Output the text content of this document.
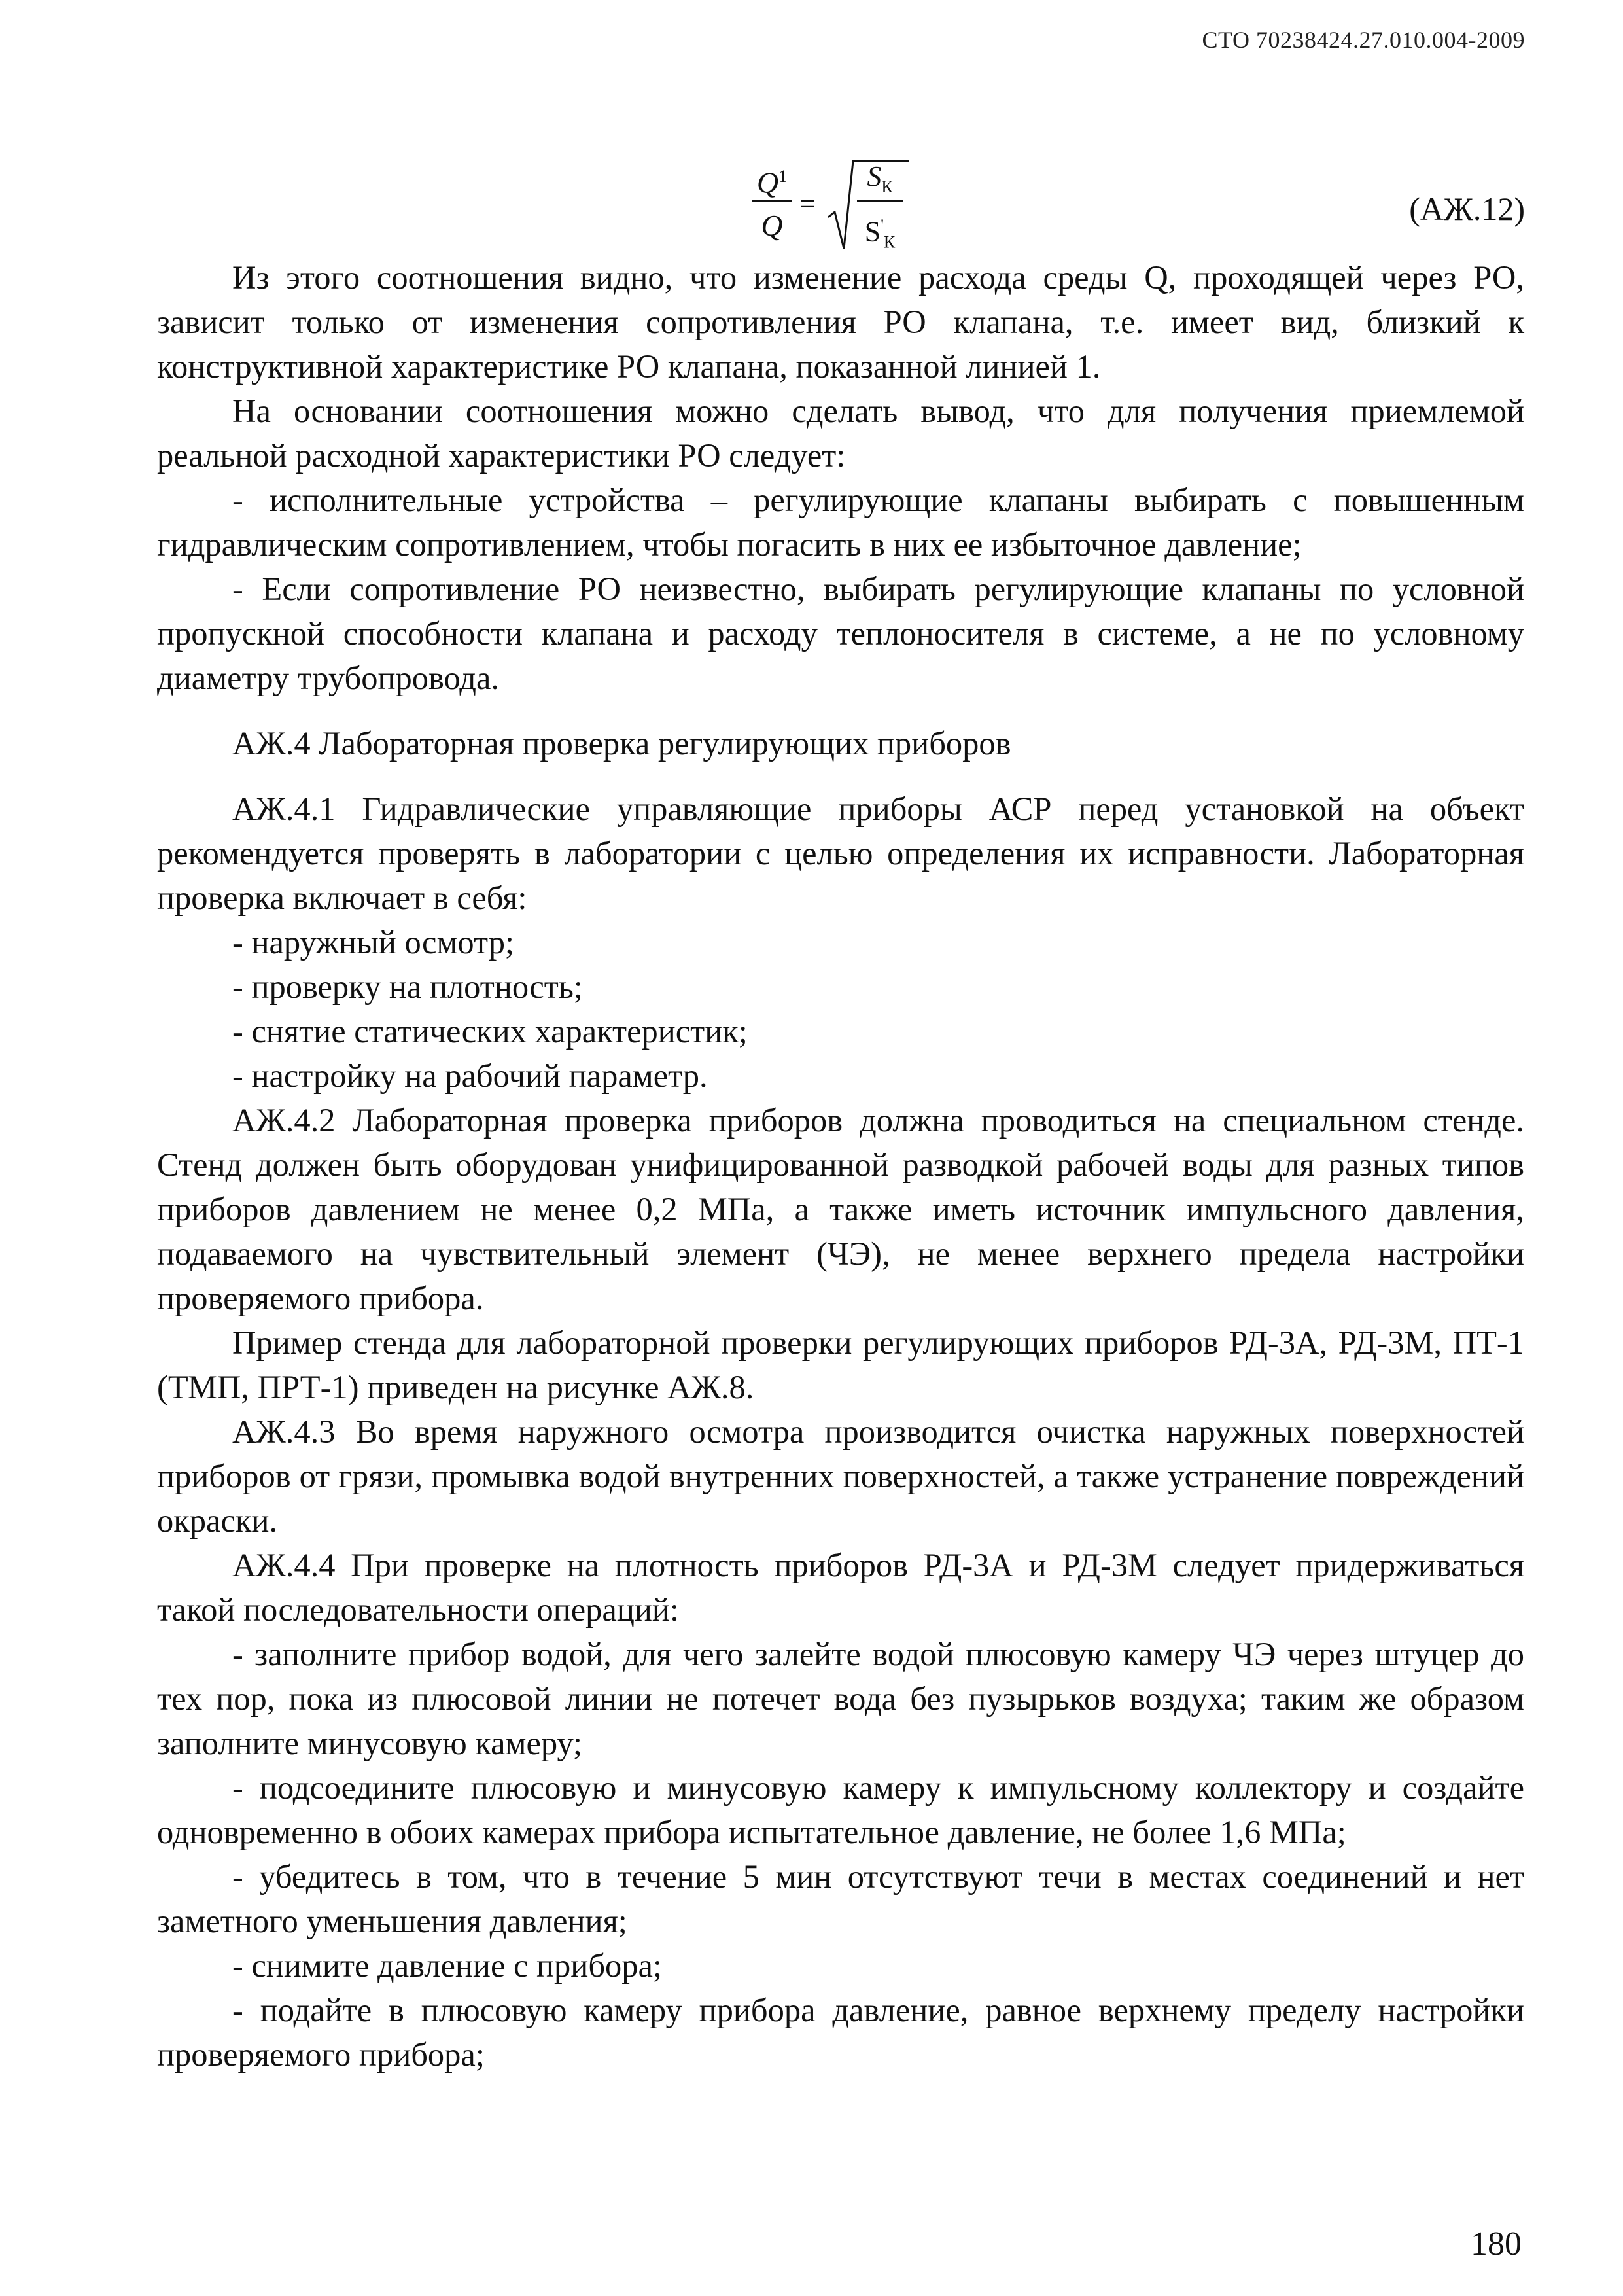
СТО 70238424.27.010.004-2009
$Q^1$
Q
=
$S_К$
$S'_К$
(АЖ.12)

Из этого соотношения видно, что изменение расхода среды Q, проходящей через РО, зависит только от изменения сопротивления РО клапана, т.е. имеет вид, близкий к конструктивной характеристике РО клапана, показанной линией 1.

На основании соотношения можно сделать вывод, что для получения приемлемой реальной расходной характеристики РО следует:

- исполнительные устройства – регулирующие клапаны выбирать с повышенным гидравлическим сопротивлением, чтобы погасить в них ее избыточное давление;

- Если сопротивление РО неизвестно, выбирать регулирующие клапаны по условной пропускной способности клапана и расходу теплоносителя в системе, а не по условному диаметру трубопровода.

АЖ.4 Лабораторная проверка регулирующих приборов

АЖ.4.1 Гидравлические управляющие приборы АСР перед установкой на объект рекомендуется проверять в лаборатории с целью определения их исправности. Лабораторная проверка включает в себя:

- наружный осмотр;

- проверку на плотность;

- снятие статических характеристик;

- настройку на рабочий параметр.

АЖ.4.2 Лабораторная проверка приборов должна проводиться на специальном стенде. Стенд должен быть оборудован унифицированной разводкой рабочей воды для разных типов приборов давлением не менее 0,2 МПа, а также иметь источник импульсного давления, подаваемого на чувствительный элемент (ЧЭ), не менее верхнего предела настройки проверяемого прибора.

Пример стенда для лабораторной проверки регулирующих приборов РД-3А, РД-3М, ПТ-1 (ТМП, ПРТ-1) приведен на рисунке АЖ.8.

АЖ.4.3 Во время наружного осмотра производится очистка наружных поверхностей приборов от грязи, промывка водой внутренних поверхностей, а также устранение повреждений окраски.

АЖ.4.4 При проверке на плотность приборов РД-3А и РД-3М следует придерживаться такой последовательности операций:

- заполните прибор водой, для чего залейте водой плюсовую камеру ЧЭ через штуцер до тех пор, пока из плюсовой линии не потечет вода без пузырьков воздуха; таким же образом заполните минусовую камеру;

- подсоедините плюсовую и минусовую камеру к импульсному коллектору и создайте одновременно в обоих камерах прибора испытательное давление, не более 1,6 МПа;

- убедитесь в том, что в течение 5 мин отсутствуют течи в местах соединений и нет заметного уменьшения давления;

- снимите давление с прибора;

- подайте в плюсовую камеру прибора давление, равное верхнему пределу настройки проверяемого прибора;

180
